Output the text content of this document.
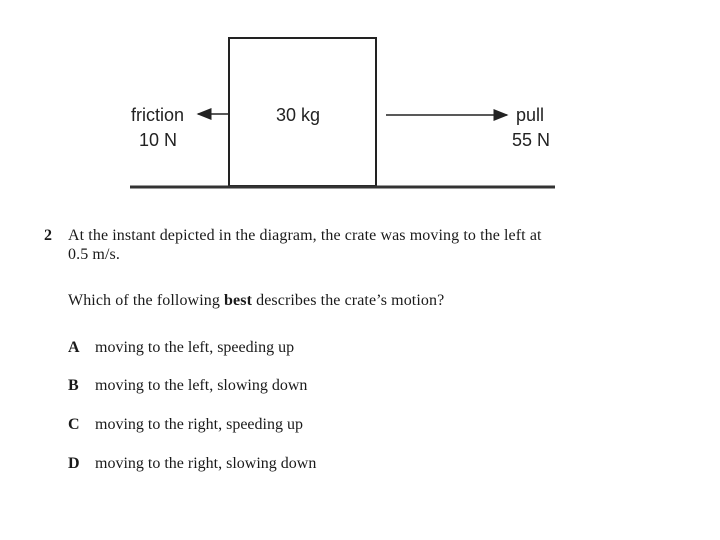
friction
10 N
30 kg	pull
55 N
2 At the instant depicted in the diagram, the crate was moving to the left at
0.5 m/s.
Which of the following best describes the crate’s motion?
A moving to the left, speeding up
B moving to the left, slowing down
C moving to the right, speeding up
D moving to the right, slowing down
